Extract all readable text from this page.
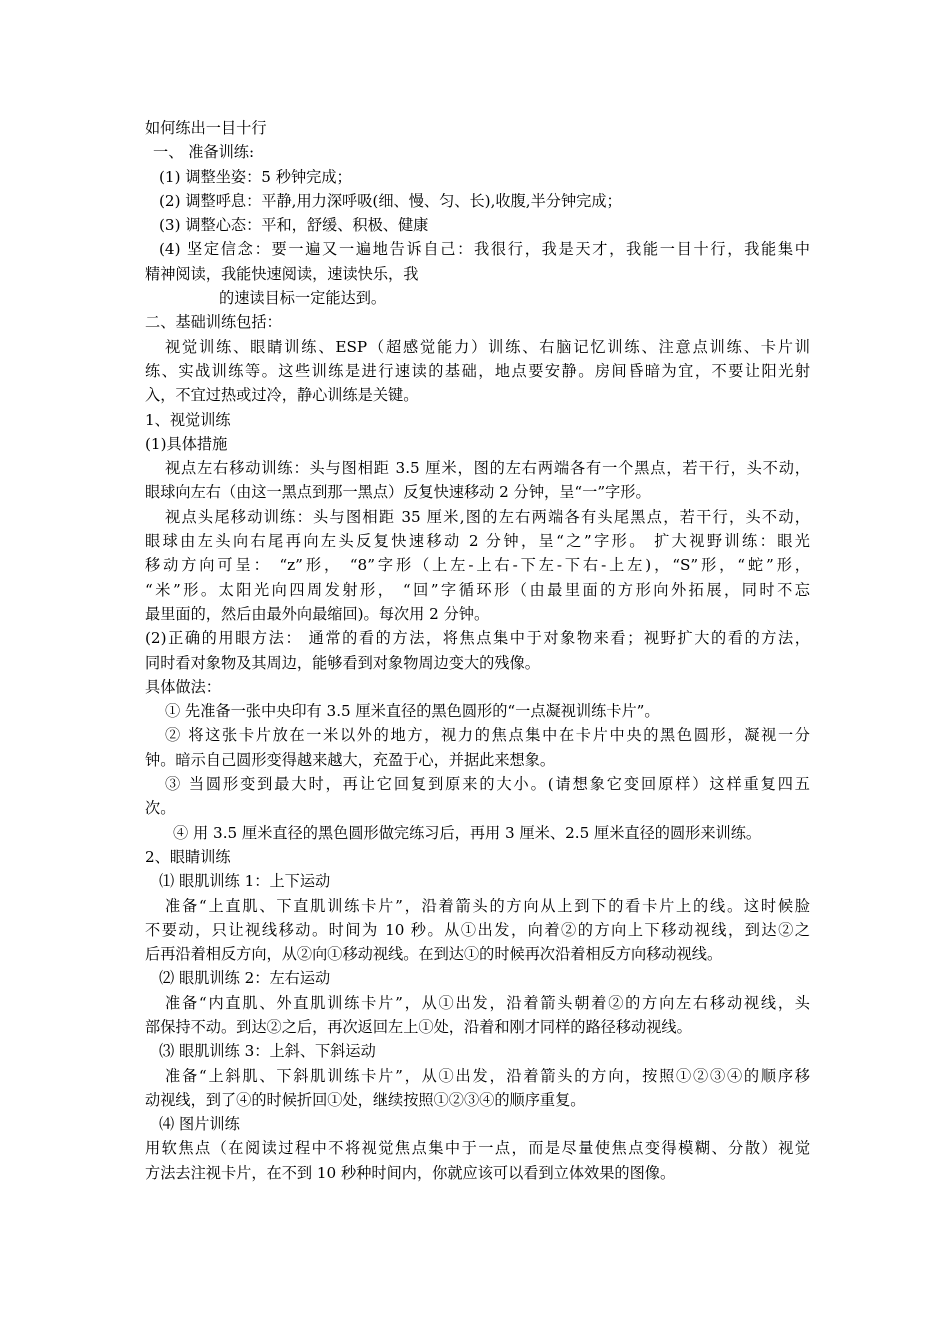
如何练出一目十行
一、 准备训练:
(1) 调整坐姿：5 秒钟完成；
(2) 调整呼息：平静,用力深呼吸(细、慢、匀、长),收腹,半分钟完成；
(3) 调整心态：平和，舒缓、积极、健康
(4) 坚定信念：要一遍又一遍地告诉自己：我很行，我是天才，我能一目十行，我能集中
精神阅读，我能快速阅读，速读快乐，我
的速读目标一定能达到。
二、基础训练包括：
视觉训练、眼睛训练、ESP（超感觉能力）训练、右脑记忆训练、注意点训练、卡片训
练、实战训练等。这些训练是进行速读的基础，地点要安静。房间昏暗为宜，不要让阳光射
入，不宜过热或过冷，静心训练是关键。
1、视觉训练
(1)具体措施
视点左右移动训练：头与图相距 3.5 厘米，图的左右两端各有一个黑点，若干行，头不动，
眼球向左右（由这一黑点到那一黑点）反复快速移动 2 分钟，呈“一”字形。
视点头尾移动训练：头与图相距 35 厘米,图的左右两端各有头尾黑点，若干行，头不动，
眼球由左头向右尾再向左头反复快速移动 2 分钟，呈“之”字形。 扩大视野训练：眼光
移动方向可呈： “z”形， “8”字形（上左-上右-下左-下右-上左)，“S”形，“蛇”形，
“米”形。太阳光向四周发射形， “回”字循环形（由最里面的方形向外拓展，同时不忘
最里面的，然后由最外向最缩回)。每次用 2 分钟。
(2)正确的用眼方法： 通常的看的方法，将焦点集中于对象物来看；视野扩大的看的方法，
同时看对象物及其周边，能够看到对象物周边变大的残像。
具体做法：
① 先准备一张中央印有 3.5 厘米直径的黑色圆形的“一点凝视训练卡片”。
② 将这张卡片放在一米以外的地方，视力的焦点集中在卡片中央的黑色圆形，凝视一分
钟。暗示自己圆形变得越来越大，充盈于心，并据此来想象。
③ 当圆形变到最大时，再让它回复到原来的大小。(请想象它变回原样）这样重复四五
次。
④ 用 3.5 厘米直径的黑色圆形做完练习后，再用 3 厘米、2.5 厘米直径的圆形来训练。
2、眼睛训练
⑴ 眼肌训练 1：上下运动
准备“上直肌、下直肌训练卡片”，沿着箭头的方向从上到下的看卡片上的线。这时候脸
不要动，只让视线移动。时间为 10 秒。从①出发，向着②的方向上下移动视线，到达②之
后再沿着相反方向，从②向①移动视线。在到达①的时候再次沿着相反方向移动视线。
⑵ 眼肌训练 2：左右运动
准备“内直肌、外直肌训练卡片”，从①出发，沿着箭头朝着②的方向左右移动视线，头
部保持不动。到达②之后，再次返回左上①处，沿着和刚才同样的路径移动视线。
⑶ 眼肌训练 3：上斜、下斜运动
准备“上斜肌、下斜肌训练卡片”，从①出发，沿着箭头的方向，按照①②③④的顺序移
动视线，到了④的时候折回①处，继续按照①②③④的顺序重复。
⑷ 图片训练
用软焦点（在阅读过程中不将视觉焦点集中于一点，而是尽量使焦点变得模糊、分散）视觉
方法去注视卡片，在不到 10 秒种时间内，你就应该可以看到立体效果的图像。
